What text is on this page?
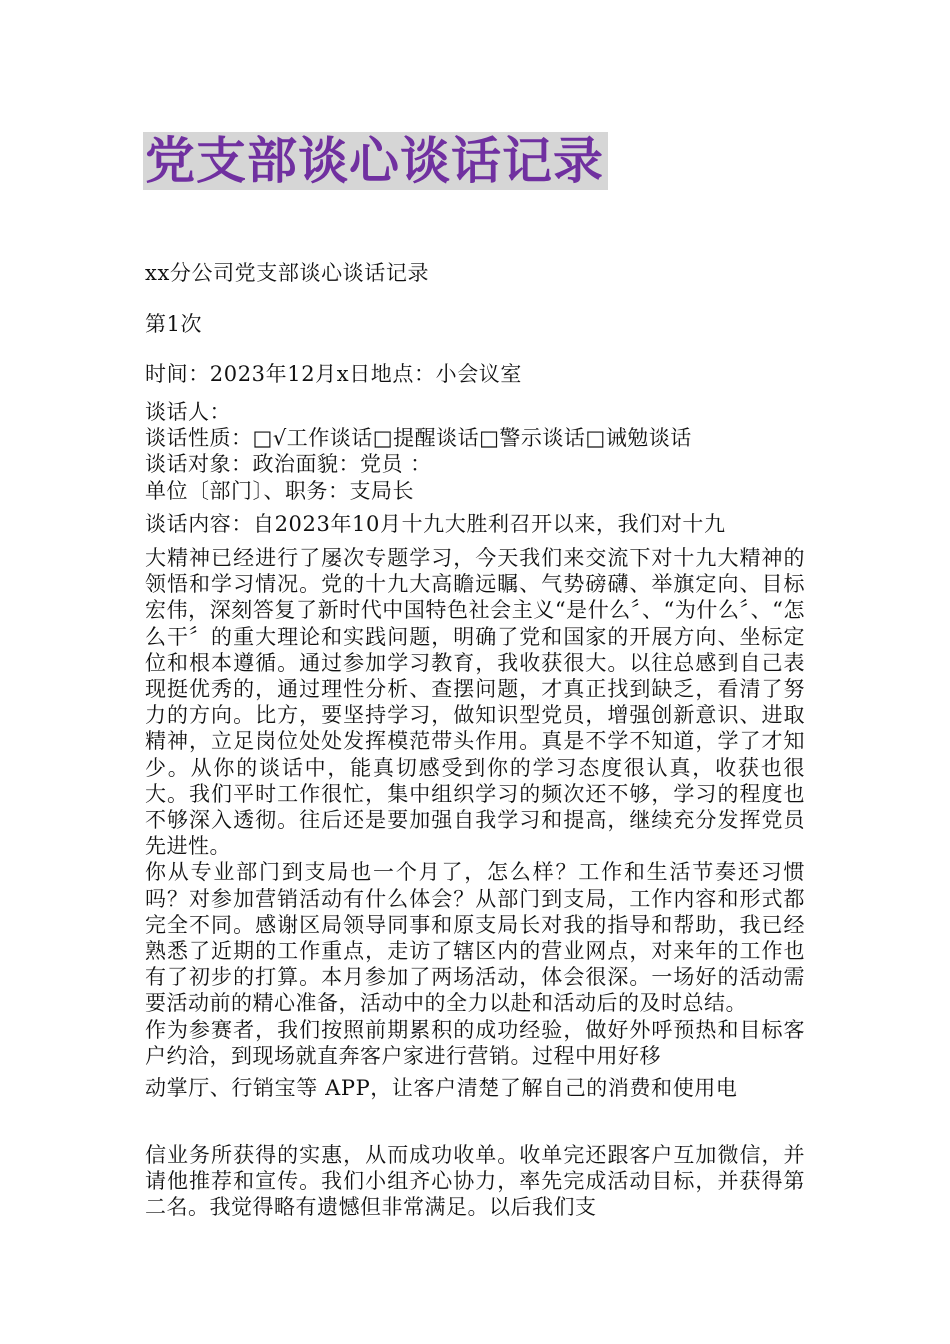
党支部谈心谈话记录
xx分公司党支部谈心谈话记录
第1次
时间：2023年12月x日地点：小会议室

谈话人：

谈话性质：□√工作谈话□提醒谈话□警示谈话□诫勉谈话

谈话对象：政治面貌：党员 ：

单位〔部门〕、职务：支局长

谈话内容：自2023年10月十九大胜利召开以来，我们对十九

大精神已经进行了屡次专题学习，今天我们来交流下对十九大精神的领悟和学习情况。党的十九大高瞻远瞩、气势磅礴、举旗定向、目标宏伟，深刻答复了新时代中国特色社会主义“是什么〞、“为什么〞、“怎么干〞的重大理论和实践问题，明确了党和国家的开展方向、坐标定位和根本遵循。通过参加学习教育，我收获很大。以往总感到自己表现挺优秀的，通过理性分析、查摆问题，才真正找到缺乏，看清了努力的方向。比方，要坚持学习，做知识型党员，增强创新意识、进取精神，立足岗位处处发挥模范带头作用。真是不学不知道，学了才知少。从你的谈话中，能真切感受到你的学习态度很认真，收获也很大。我们平时工作很忙，集中组织学习的频次还不够，学习的程度也不够深入透彻。往后还是要加强自我学习和提高，继续充分发挥党员先进性。

你从专业部门到支局也一个月了，怎么样？工作和生活节奏还习惯吗？对参加营销活动有什么体会？从部门到支局，工作内容和形式都完全不同。感谢区局领导同事和原支局长对我的指导和帮助，我已经熟悉了近期的工作重点，走访了辖区内的营业网点，对来年的工作也有了初步的打算。本月参加了两场活动，体会很深。一场好的活动需要活动前的精心准备，活动中的全力以赴和活动后的及时总结。

作为参赛者，我们按照前期累积的成功经验，做好外呼预热和目标客户约洽，到现场就直奔客户家进行营销。过程中用好移

动掌厅、行销宝等 APP，让客户清楚了解自己的消费和使用电
信业务所获得的实惠，从而成功收单。收单完还跟客户互加微信，并请他推荐和宣传。我们小组齐心协力，率先完成活动目标，并获得第二名。我觉得略有遗憾但非常满足。以后我们支
